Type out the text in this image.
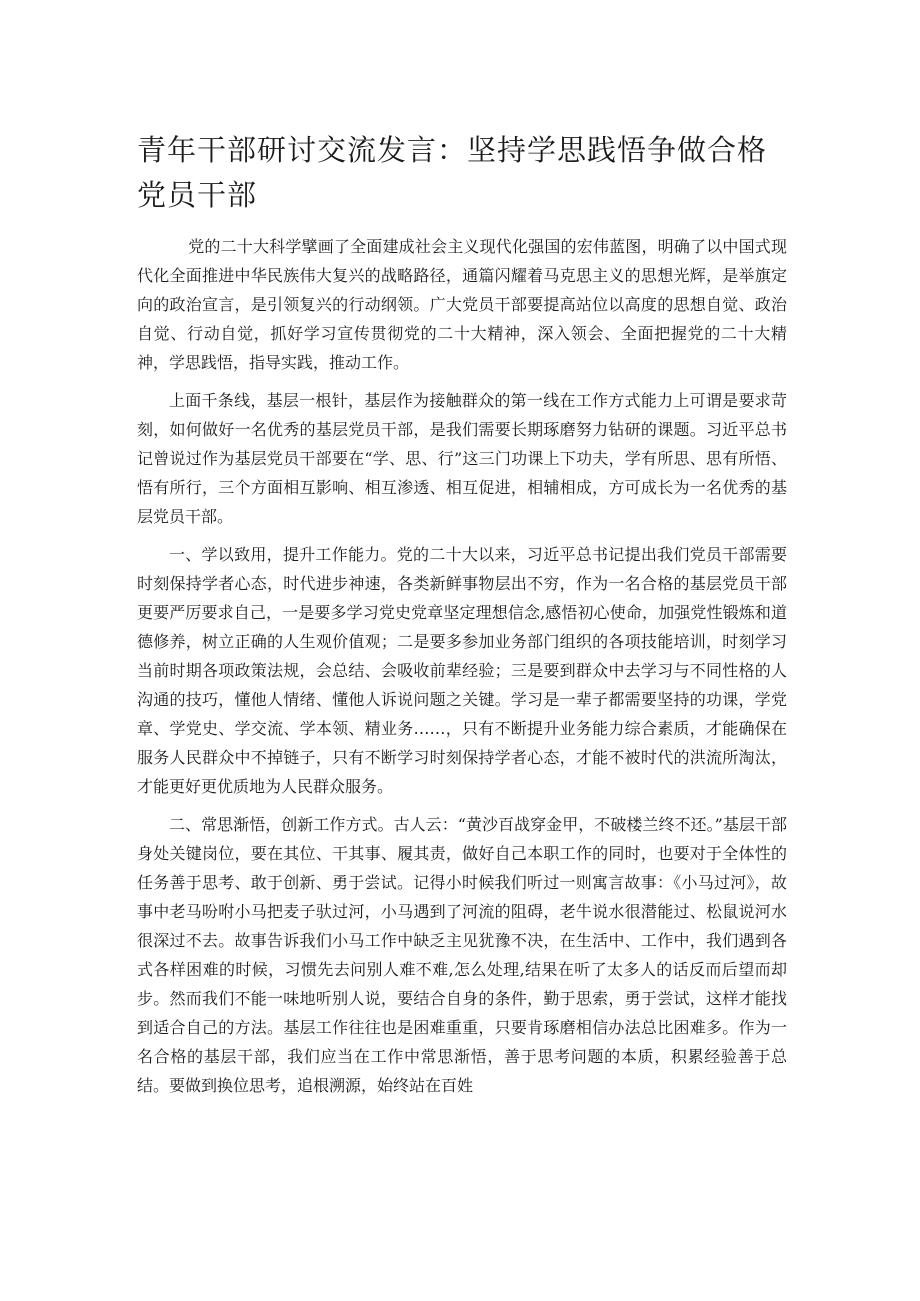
青年干部研讨交流发言：坚持学思践悟争做合格党员干部

党的二十大科学擘画了全面建成社会主义现代化强国的宏伟蓝图，明确了以中国式现代化全面推进中华民族伟大复兴的战略路径，通篇闪耀着马克思主义的思想光辉，是举旗定向的政治宣言，是引领复兴的行动纲领。广大党员干部要提高站位以高度的思想自觉、政治自觉、行动自觉，抓好学习宣传贯彻党的二十大精神，深入领会、全面把握党的二十大精神，学思践悟，指导实践，推动工作。

上面千条线，基层一根针，基层作为接触群众的第一线在工作方式能力上可谓是要求苛刻，如何做好一名优秀的基层党员干部，是我们需要长期琢磨努力钻研的课题。习近平总书记曾说过作为基层党员干部要在“学、思、行”这三门功课上下功夫，学有所思、思有所悟、悟有所行，三个方面相互影响、相互渗透、相互促进，相辅相成，方可成长为一名优秀的基层党员干部。

一、学以致用，提升工作能力。党的二十大以来，习近平总书记提出我们党员干部需要时刻保持学者心态，时代进步神速，各类新鲜事物层出不穷，作为一名合格的基层党员干部更要严厉要求自己，一是要多学习党史党章坚定理想信念,感悟初心使命，加强党性锻炼和道德修养，树立正确的人生观价值观；二是要多参加业务部门组织的各项技能培训，时刻学习当前时期各项政策法规，会总结、会吸收前辈经验；三是要到群众中去学习与不同性格的人沟通的技巧，懂他人情绪、懂他人诉说问题之关键。学习是一辈子都需要坚持的功课，学党章、学党史、学交流、学本领、精业务……，只有不断提升业务能力综合素质，才能确保在服务人民群众中不掉链子，只有不断学习时刻保持学者心态，才能不被时代的洪流所淘汰，才能更好更优质地为人民群众服务。

二、常思渐悟，创新工作方式。古人云：“黄沙百战穿金甲，不破楼兰终不还。”基层干部身处关键岗位，要在其位、干其事、履其责，做好自己本职工作的同时，也要对于全体性的任务善于思考、敢于创新、勇于尝试。记得小时候我们听过一则寓言故事：《小马过河》，故事中老马吩咐小马把麦子驮过河，小马遇到了河流的阻碍，老牛说水很潜能过、松鼠说河水很深过不去。故事告诉我们小马工作中缺乏主见犹豫不决，在生活中、工作中，我们遇到各式各样困难的时候，习惯先去问别人难不难,怎么处理,结果在听了太多人的话反而后望而却步。然而我们不能一味地听别人说，要结合自身的条件，勤于思索，勇于尝试，这样才能找到适合自己的方法。基层工作往往也是困难重重，只要肯琢磨相信办法总比困难多。作为一名合格的基层干部，我们应当在工作中常思渐悟，善于思考问题的本质，积累经验善于总结。要做到换位思考，追根溯源，始终站在百姓
